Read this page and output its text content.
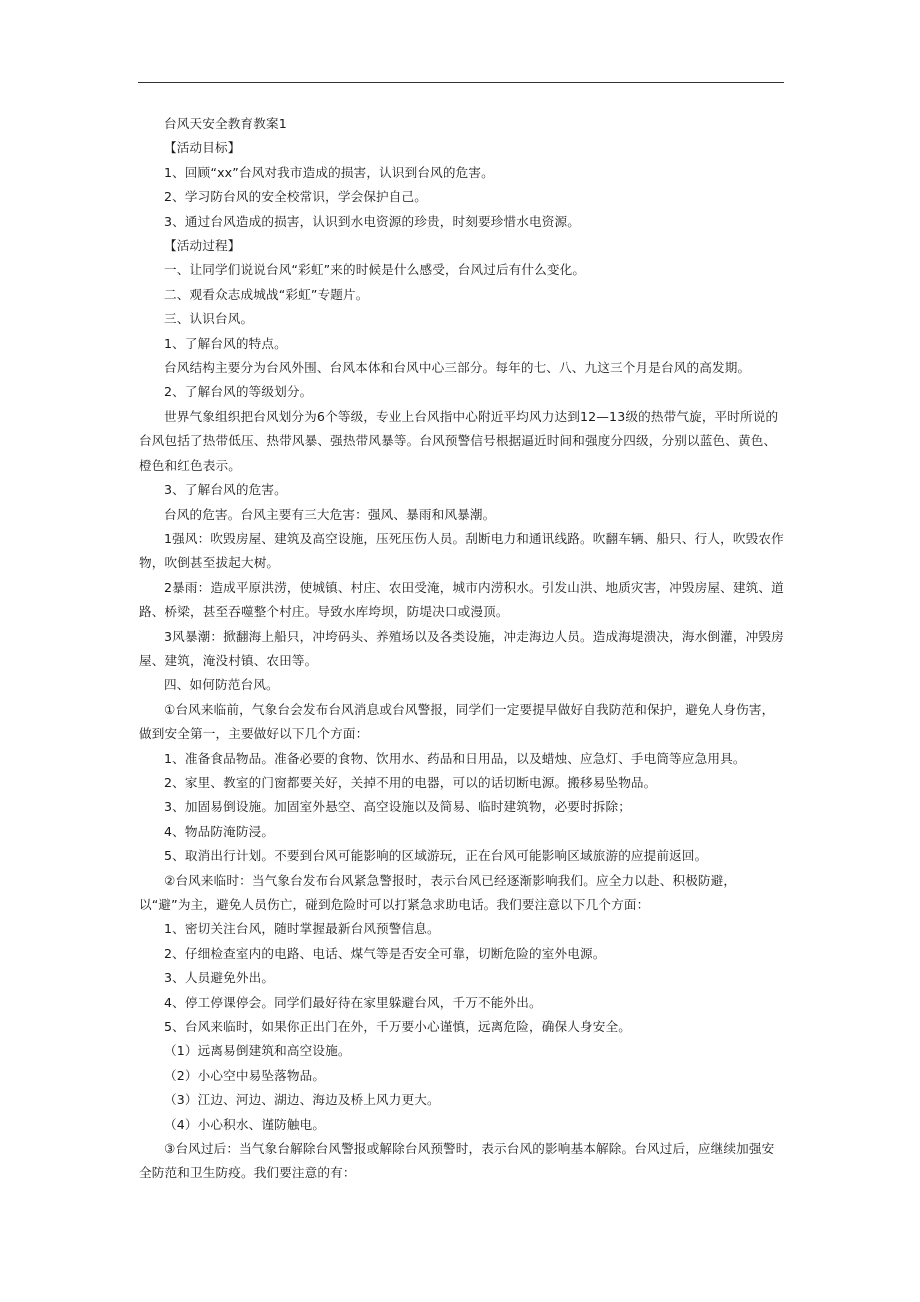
台风天安全教育教案1

【活动目标】

1、回顾“xx”台风对我市造成的损害，认识到台风的危害。

2、学习防台风的安全校常识，学会保护自己。

3、通过台风造成的损害，认识到水电资源的珍贵，时刻要珍惜水电资源。

【活动过程】

一、让同学们说说台风“彩虹”来的时候是什么感受，台风过后有什么变化。

二、观看众志成城战“彩虹”专题片。

三、认识台风。

1、了解台风的特点。

台风结构主要分为台风外围、台风本体和台风中心三部分。每年的七、八、九这三个月是台风的高发期。

2、了解台风的等级划分。

世界气象组织把台风划分为6个等级，专业上台风指中心附近平均风力达到12—13级的热带气旋，平时所说的台风包括了热带低压、热带风暴、强热带风暴等。台风预警信号根据逼近时间和强度分四级，分别以蓝色、黄色、橙色和红色表示。

3、了解台风的危害。

台风的危害。台风主要有三大危害：强风、暴雨和风暴潮。

1强风：吹毁房屋、建筑及高空设施，压死压伤人员。刮断电力和通讯线路。吹翻车辆、船只、行人，吹毁农作物，吹倒甚至拔起大树。

2暴雨：造成平原洪涝，使城镇、村庄、农田受淹，城市内涝积水。引发山洪、地质灾害，冲毁房屋、建筑、道路、桥梁，甚至吞噬整个村庄。导致水库垮坝，防堤决口或漫顶。

3风暴潮：掀翻海上船只，冲垮码头、养殖场以及各类设施，冲走海边人员。造成海堤溃决，海水倒灌，冲毁房屋、建筑，淹没村镇、农田等。

四、如何防范台风。

①台风来临前，气象台会发布台风消息或台风警报，同学们一定要提早做好自我防范和保护，避免人身伤害，做到安全第一，主要做好以下几个方面：

1、准备食品物品。准备必要的食物、饮用水、药品和日用品，以及蜡烛、应急灯、手电筒等应急用具。

2、家里、教室的门窗都要关好，关掉不用的电器，可以的话切断电源。搬移易坠物品。

3、加固易倒设施。加固室外悬空、高空设施以及简易、临时建筑物，必要时拆除；

4、物品防淹防浸。

5、取消出行计划。不要到台风可能影响的区域游玩，正在台风可能影响区域旅游的应提前返回。

②台风来临时：当气象台发布台风紧急警报时，表示台风已经逐渐影响我们。应全力以赴、积极防避，以“避”为主，避免人员伤亡，碰到危险时可以打紧急求助电话。我们要注意以下几个方面：

1、密切关注台风，随时掌握最新台风预警信息。

2、仔细检查室内的电路、电话、煤气等是否安全可靠，切断危险的室外电源。

3、人员避免外出。

4、停工停课停会。同学们最好待在家里躲避台风，千万不能外出。

5、台风来临时，如果你正出门在外，千万要小心谨慎，远离危险，确保人身安全。

（1）远离易倒建筑和高空设施。

（2）小心空中易坠落物品。

（3）江边、河边、湖边、海边及桥上风力更大。

（4）小心积水、谨防触电。

③台风过后：当气象台解除台风警报或解除台风预警时，表示台风的影响基本解除。台风过后，应继续加强安全防范和卫生防疫。我们要注意的有：
